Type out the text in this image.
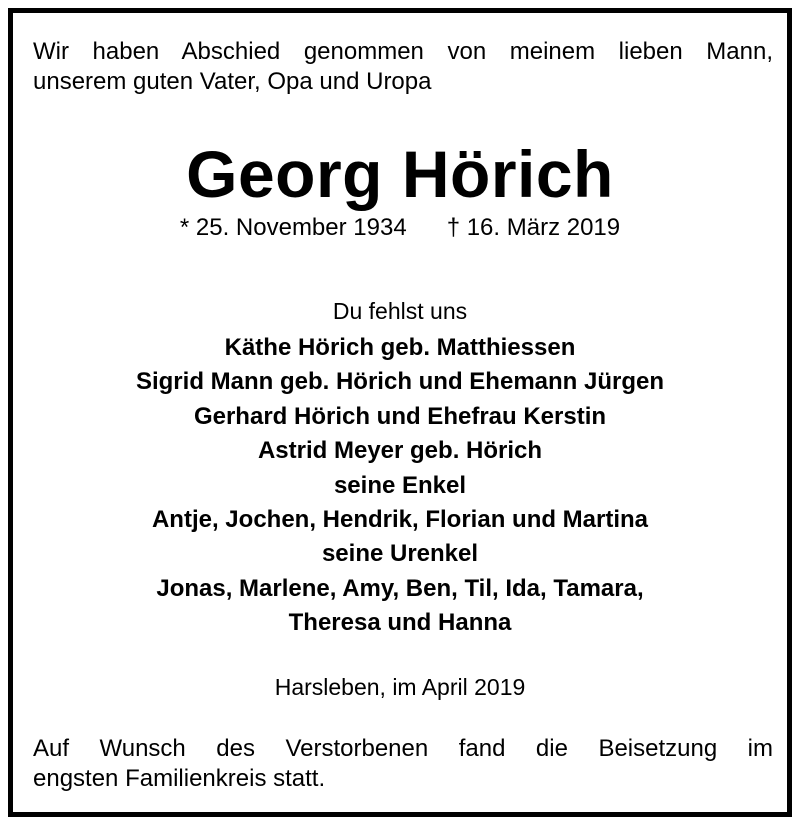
Wir haben Abschied genommen von meinem lieben Mann,
unserem guten Vater, Opa und Uropa
Georg Hörich
* 25. November 1934 † 16. März 2019
Du fehlst uns
Käthe Hörich geb. Matthiessen
Sigrid Mann geb. Hörich und Ehemann Jürgen
Gerhard Hörich und Ehefrau Kerstin
Astrid Meyer geb. Hörich
seine Enkel
Antje, Jochen, Hendrik, Florian und Martina
seine Urenkel
Jonas, Marlene, Amy, Ben, Til, Ida, Tamara,
Theresa und Hanna
Harsleben, im April 2019
Auf Wunsch des Verstorbenen fand die Beisetzung im
engsten Familienkreis statt.
